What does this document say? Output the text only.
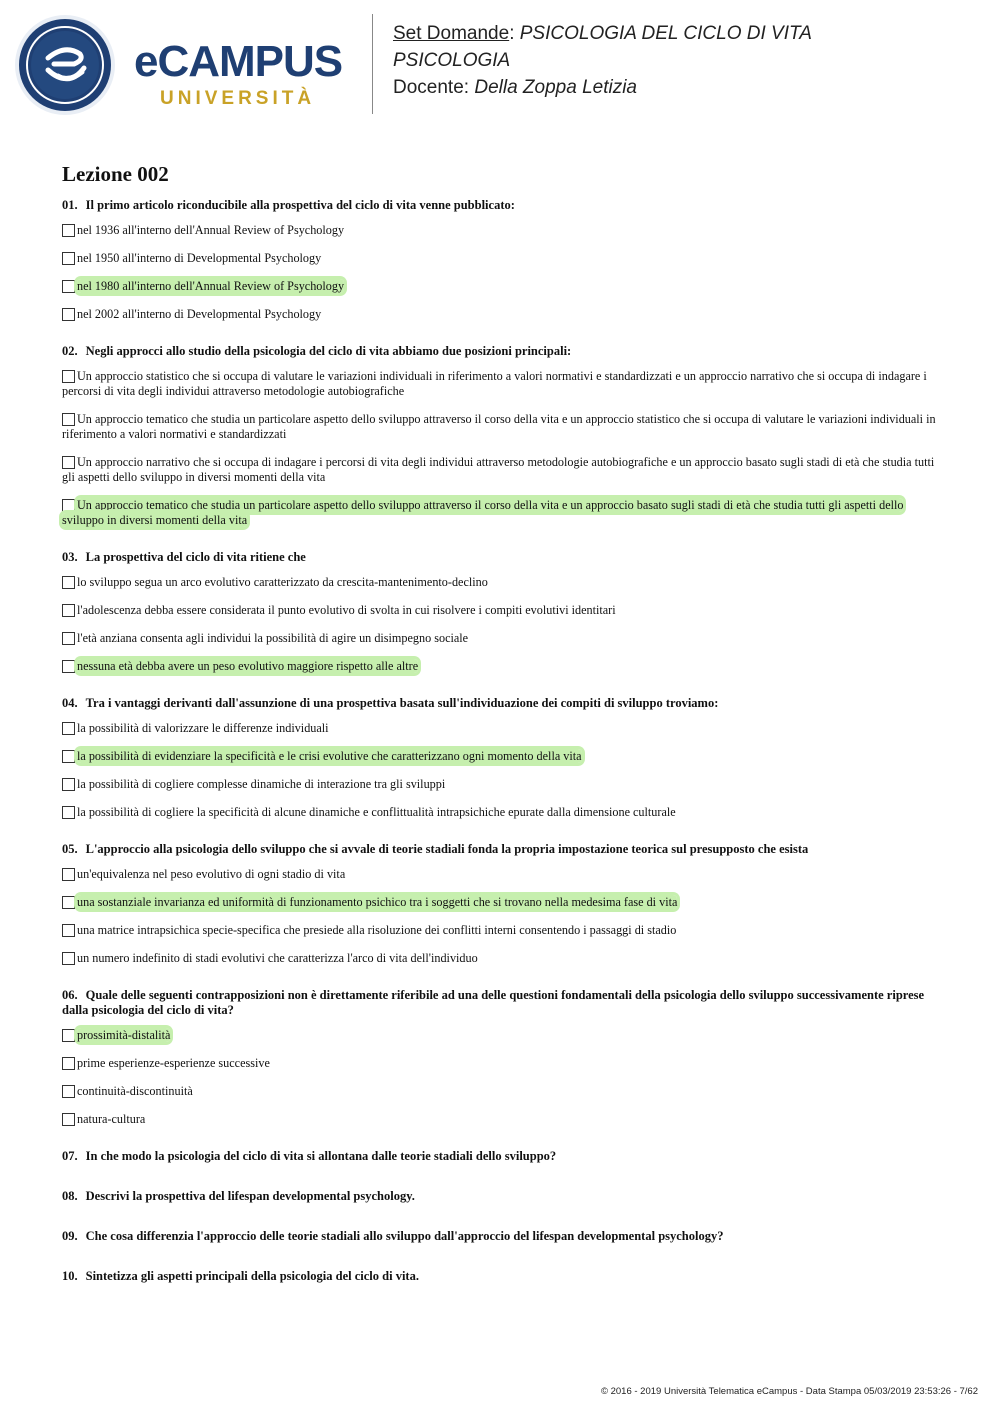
eCAMPUS
UNIVERSITÀ
Set Domande: PSICOLOGIA DEL CICLO DI VITA
PSICOLOGIA
Docente: Della Zoppa Letizia
Lezione 002
01. Il primo articolo riconducibile alla prospettiva del ciclo di vita venne pubblicato:
nel 1936 all'interno dell'Annual Review of Psychology
nel 1950 all'interno di Developmental Psychology
nel 1980 all'interno dell'Annual Review of Psychology
nel 2002 all'interno di Developmental Psychology
02. Negli approcci allo studio della psicologia del ciclo di vita abbiamo due posizioni principali:
Un approccio statistico che si occupa di valutare le variazioni individuali in riferimento a valori normativi e standardizzati e un approccio narrativo che si occupa di indagare i percorsi di vita degli individui attraverso metodologie autobiografiche
Un approccio tematico che studia un particolare aspetto dello sviluppo attraverso il corso della vita e un approccio statistico che si occupa di valutare le variazioni individuali in riferimento a valori normativi e standardizzati
Un approccio narrativo che si occupa di indagare i percorsi di vita degli individui attraverso metodologie autobiografiche e un approccio basato sugli stadi di età che studia tutti gli aspetti dello sviluppo in diversi momenti della vita
Un approccio tematico che studia un particolare aspetto dello sviluppo attraverso il corso della vita e un approccio basato sugli stadi di età che studia tutti gli aspetti dello sviluppo in diversi momenti della vita
03. La prospettiva del ciclo di vita ritiene che
lo sviluppo segua un arco evolutivo caratterizzato da crescita-mantenimento-declino
l'adolescenza debba essere considerata il punto evolutivo di svolta in cui risolvere i compiti evolutivi identitari
l'età anziana consenta agli individui la possibilità di agire un disimpegno sociale
nessuna età debba avere un peso evolutivo maggiore rispetto alle altre
04. Tra i vantaggi derivanti dall'assunzione di una prospettiva basata sull'individuazione dei compiti di sviluppo troviamo:
la possibilità di valorizzare le differenze individuali
la possibilità di evidenziare la specificità e le crisi evolutive che caratterizzano ogni momento della vita
la possibilità di cogliere complesse dinamiche di interazione tra gli sviluppi
la possibilità di cogliere la specificità di alcune dinamiche e conflittualità intrapsichiche epurate dalla dimensione culturale
05. L'approccio alla psicologia dello sviluppo che si avvale di teorie stadiali fonda la propria impostazione teorica sul presupposto che esista
un'equivalenza nel peso evolutivo di ogni stadio di vita
una sostanziale invarianza ed uniformità di funzionamento psichico tra i soggetti che si trovano nella medesima fase di vita
una matrice intrapsichica specie-specifica che presiede alla risoluzione dei conflitti interni consentendo i passaggi di stadio
un numero indefinito di stadi evolutivi che caratterizza l'arco di vita dell'individuo
06. Quale delle seguenti contrapposizioni non è direttamente riferibile ad una delle questioni fondamentali della psicologia dello sviluppo successivamente riprese dalla psicologia del ciclo di vita?
prossimità-distalità
prime esperienze-esperienze successive
continuità-discontinuità
natura-cultura
07. In che modo la psicologia del ciclo di vita si allontana dalle teorie stadiali dello sviluppo?
08. Descrivi la prospettiva del lifespan developmental psychology.
09. Che cosa differenzia l'approccio delle teorie stadiali allo sviluppo dall'approccio del lifespan developmental psychology?
10. Sintetizza gli aspetti principali della psicologia del ciclo di vita.
© 2016 - 2019 Università Telematica eCampus - Data Stampa 05/03/2019 23:53:26 - 7/62
